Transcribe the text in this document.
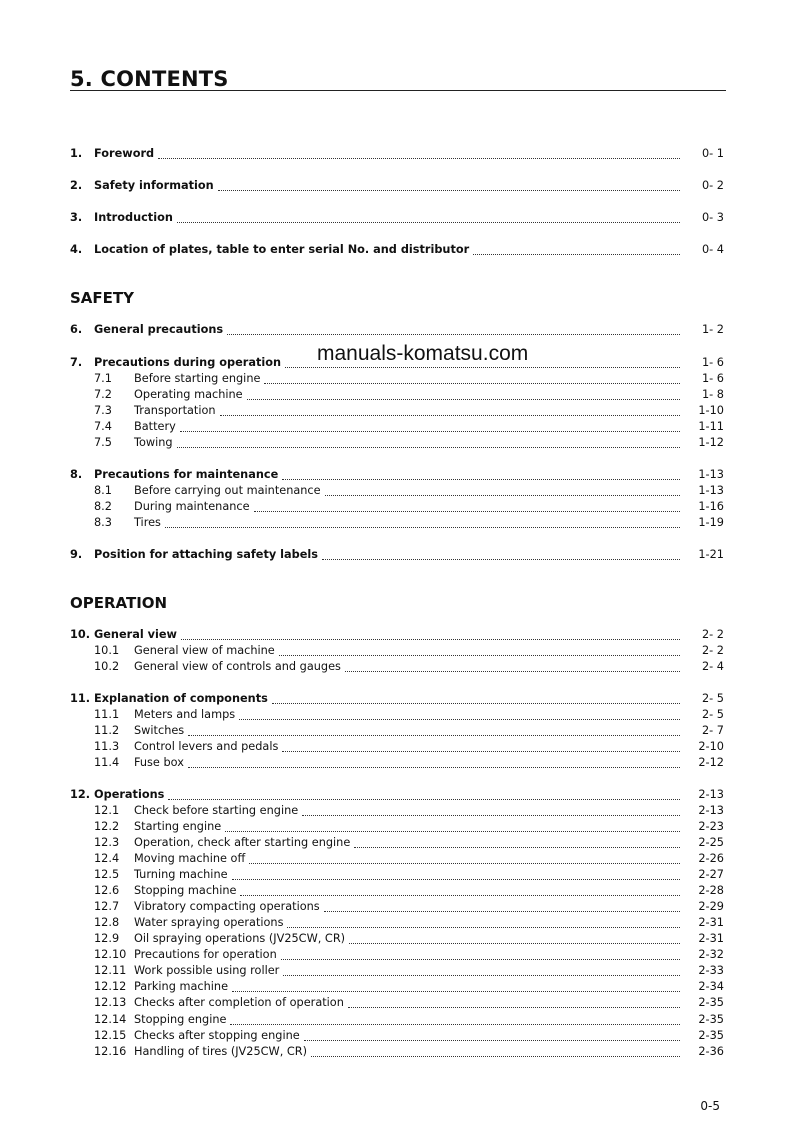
5. CONTENTS
1.	Foreword	0- 1
2.	Safety information	0- 2
3.	Introduction	0- 3
4.	Location of plates, table to enter serial No. and distributor	0- 4
SAFETY
6.	General precautions	1- 2
7.	Precautions during operation	1- 6
7.1	Before starting engine	1- 6
7.2	Operating machine	1- 8
7.3	Transportation	1-10
7.4	Battery	1-11
7.5	Towing	1-12
8.	Precautions for maintenance	1-13
8.1	Before carrying out maintenance	1-13
8.2	During maintenance	1-16
8.3	Tires	1-19
9.	Position for attaching safety labels	1-21
OPERATION
10. General view	2- 2
10.1	General view of machine	2- 2
10.2	General view of controls and gauges	2- 4
11. Explanation of components	2- 5
11.1	Meters and lamps	2- 5
11.2	Switches	2- 7
11.3	Control levers and pedals	2-10
11.4	Fuse box	2-12
12. Operations	2-13
12.1	Check before starting engine	2-13
12.2	Starting engine	2-23
12.3	Operation, check after starting engine	2-25
12.4	Moving machine off	2-26
12.5	Turning machine	2-27
12.6	Stopping machine	2-28
12.7	Vibratory compacting operations	2-29
12.8	Water spraying operations	2-31
12.9	Oil spraying operations (JV25CW, CR)	2-31
12.10 Precautions for operation	2-32
12.11 Work possible using roller	2-33
12.12 Parking machine	2-34
12.13 Checks after completion of operation	2-35
12.14 Stopping engine	2-35
12.15 Checks after stopping engine	2-35
12.16 Handling of tires (JV25CW, CR)	2-36
manuals-komatsu.com
0-5
